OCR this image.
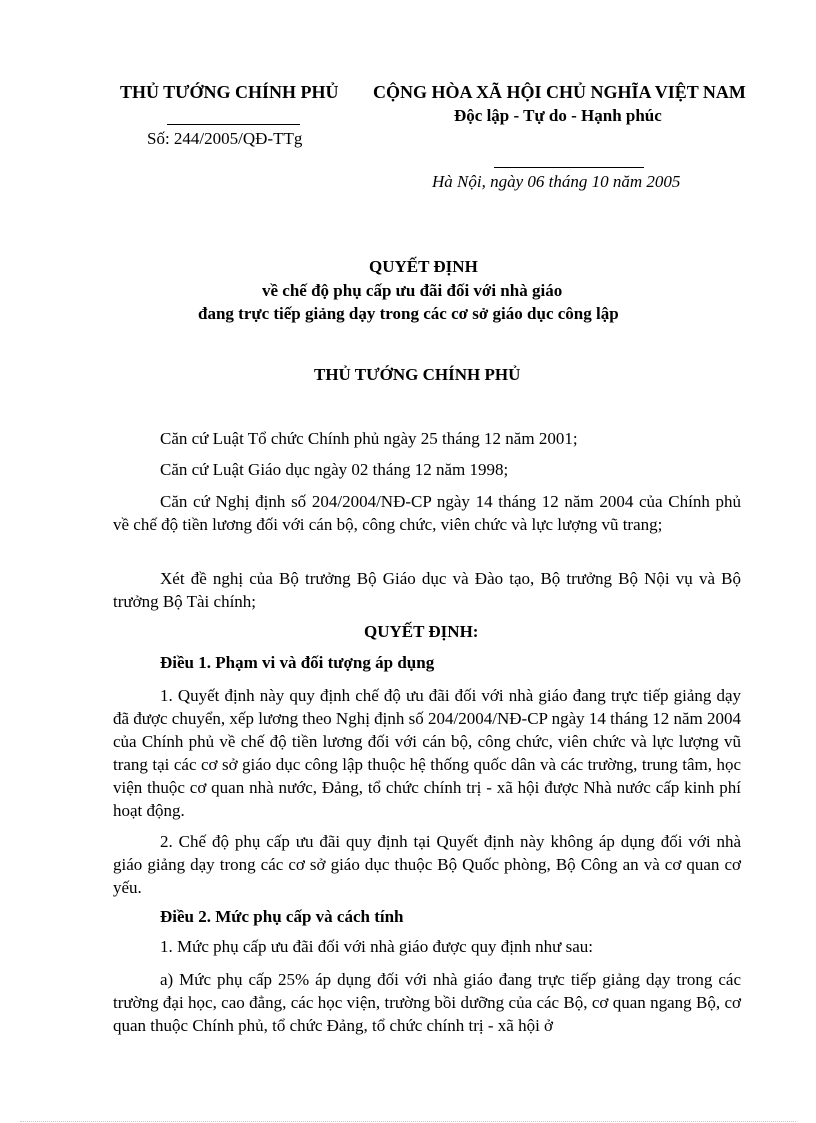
THỦ TƯỚNG CHÍNH PHỦ
Số: 244/2005/QĐ-TTg
CỘNG HÒA XÃ HỘI CHỦ NGHĨA VIỆT NAM
Độc lập - Tự do - Hạnh phúc
Hà Nội, ngày 06 tháng 10 năm 2005
QUYẾT ĐỊNH
về chế độ phụ cấp ưu đãi đối với nhà giáo
đang trực tiếp giảng dạy trong các cơ sở giáo dục công lập
THỦ TƯỚNG CHÍNH PHỦ
Căn cứ Luật Tổ chức Chính phủ ngày 25 tháng 12 năm 2001;
Căn cứ Luật Giáo dục ngày 02 tháng 12 năm 1998;
Căn cứ Nghị định số 204/2004/NĐ-CP ngày 14 tháng 12 năm 2004 của Chính phủ về chế độ tiền lương đối với cán bộ, công chức, viên chức và lực lượng vũ trang;
Xét đề nghị của Bộ trưởng Bộ Giáo dục và Đào tạo, Bộ trưởng Bộ Nội vụ và Bộ trưởng Bộ Tài chính;
QUYẾT ĐỊNH:
Điều 1. Phạm vi và đối tượng áp dụng
1. Quyết định này quy định chế độ ưu đãi đối với nhà giáo đang trực tiếp giảng dạy đã được chuyển, xếp lương theo Nghị định số 204/2004/NĐ-CP ngày 14 tháng 12 năm 2004 của Chính phủ về chế độ tiền lương đối với cán bộ, công chức, viên chức và lực lượng vũ trang tại các cơ sở giáo dục công lập thuộc hệ thống quốc dân và các trường, trung tâm, học viện thuộc cơ quan nhà nước, Đảng, tổ chức chính trị - xã hội được Nhà nước cấp kinh phí hoạt động.
2. Chế độ phụ cấp ưu đãi quy định tại Quyết định này không áp dụng đối với nhà giáo giảng dạy trong các cơ sở giáo dục thuộc Bộ Quốc phòng, Bộ Công an và cơ quan cơ yếu.
Điều 2. Mức phụ cấp và cách tính
1. Mức phụ cấp ưu đãi đối với nhà giáo được quy định như sau:
a) Mức phụ cấp 25% áp dụng đối với nhà giáo đang trực tiếp giảng dạy trong các trường đại học, cao đẳng, các học viện, trường bồi dưỡng của các Bộ, cơ quan ngang Bộ, cơ quan thuộc Chính phủ, tổ chức Đảng, tổ chức chính trị - xã hội ở
